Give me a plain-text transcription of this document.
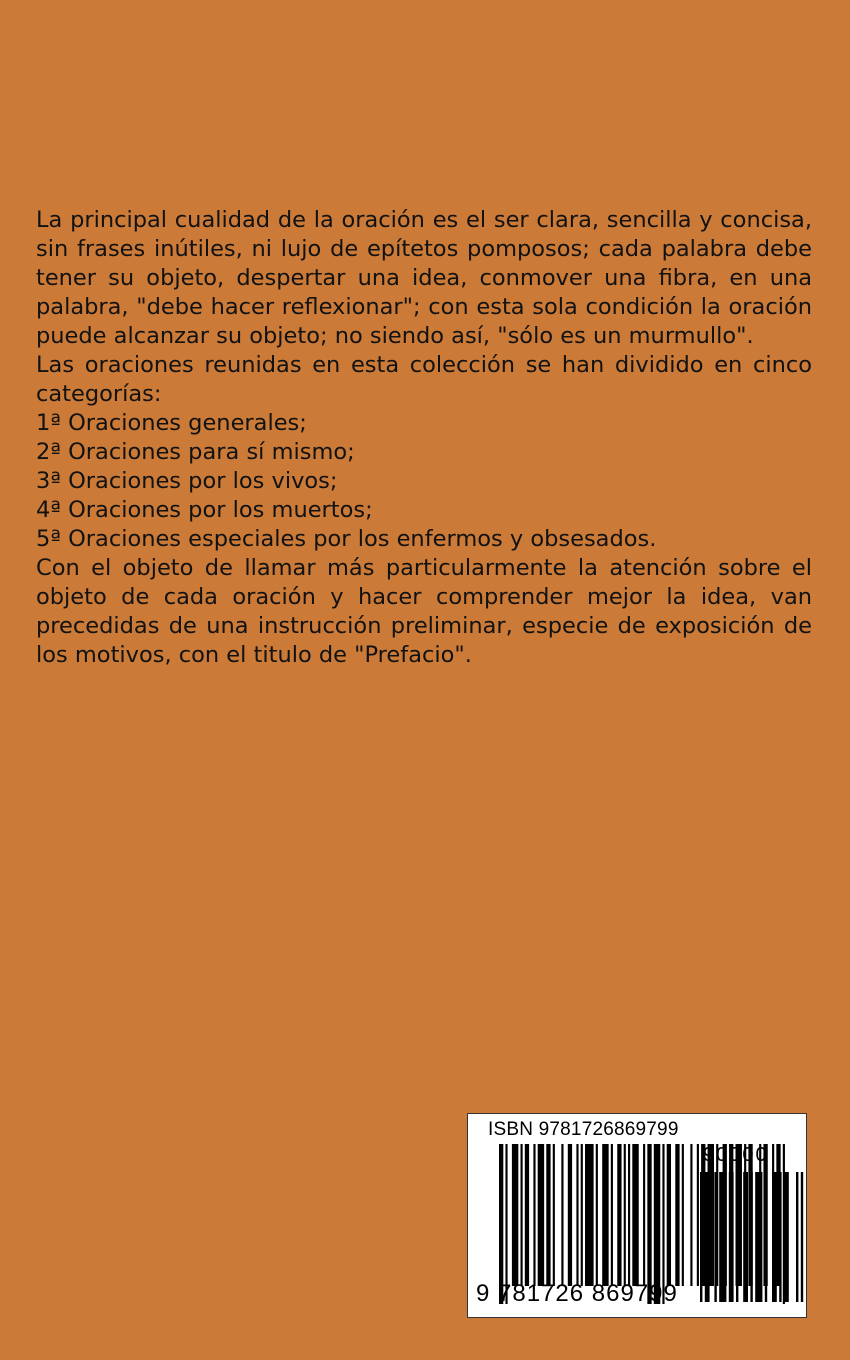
La principal cualidad de la oración es el ser clara, sencilla y concisa, sin frases inútiles, ni lujo de epítetos pomposos; cada palabra debe tener su objeto, despertar una idea, conmover una fibra, en una palabra, "debe hacer reflexionar"; con esta sola condición la oración puede alcanzar su objeto; no siendo así, "sólo es un murmullo".

Las oraciones reunidas en esta colección se han dividido en cinco categorías:

1ª Oraciones generales;
2ª Oraciones para sí mismo;
3ª Oraciones por los vivos;
4ª Oraciones por los muertos;
5ª Oraciones especiales por los enfermos y obsesados.

Con el objeto de llamar más particularmente la atención sobre el objeto de cada oración y hacer comprender mejor la idea, van precedidas de una instrucción preliminar, especie de exposición de los motivos, con el titulo de "Prefacio".

ISBN 9781726869799
9 781726 869799
